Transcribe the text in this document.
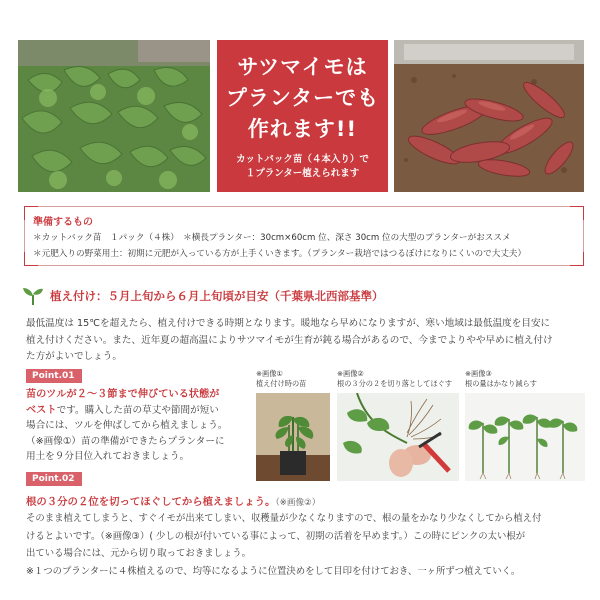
サツマイモは
プランターでも
作れます!!
カットバック苗（４本入り）で
１プランター植えられます
準備するもの
＊カットバック苗　１パック（４株）　＊横長プランター：30cm×60cm 位、深さ 30cm 位の大型のプランターがおススメ
＊元肥入りの野菜用土：初期に元肥が入っている方が上手くいきます。（プランター栽培ではつるぼけになりにくいので大丈夫）
植え付け：５月上旬から６月上旬頃が目安（千葉県北西部基準）
最低温度は 15℃を超えたら、植え付けできる時期となります。暖地なら早めになりますが、寒い地域は最低温度を目安に
植え付けください。また、近年夏の超高温によりサツマイモが生育が鈍る場合があるので、今までよりやや早めに植え付け
た方がよいでしょう。
Point.01
苗のツルが２～３節まで伸びている状態が
ベストです。購入した苗の草丈や節間が短い
場合には、ツルを伸ばしてから植えましょう。
（※画像①）苗の準備ができたらプランターに
用土を９分目位入れておきましょう。
※画像①
植え付け時の苗
※画像②
根の３分の２を切り落としてほぐす
※画像③
根の量はかなり減らす
Point.02
根の３分の２位を切ってほぐしてから植えましょう。（※画像②）
そのまま植えてしまうと、すぐイモが出来てしまい、収穫量が少なくなりますので、根の量をかなり少なくしてから植え付
けるとよいです。（※画像③）( 少しの根が付いている事によって、初期の活着を早めます。）この時にピンクの太い根が
出ている場合には、元から切り取っておきましょう。
※１つのプランターに４株植えるので、均等になるように位置決めをして目印を付けておき、一ヶ所ずつ植えていく。
